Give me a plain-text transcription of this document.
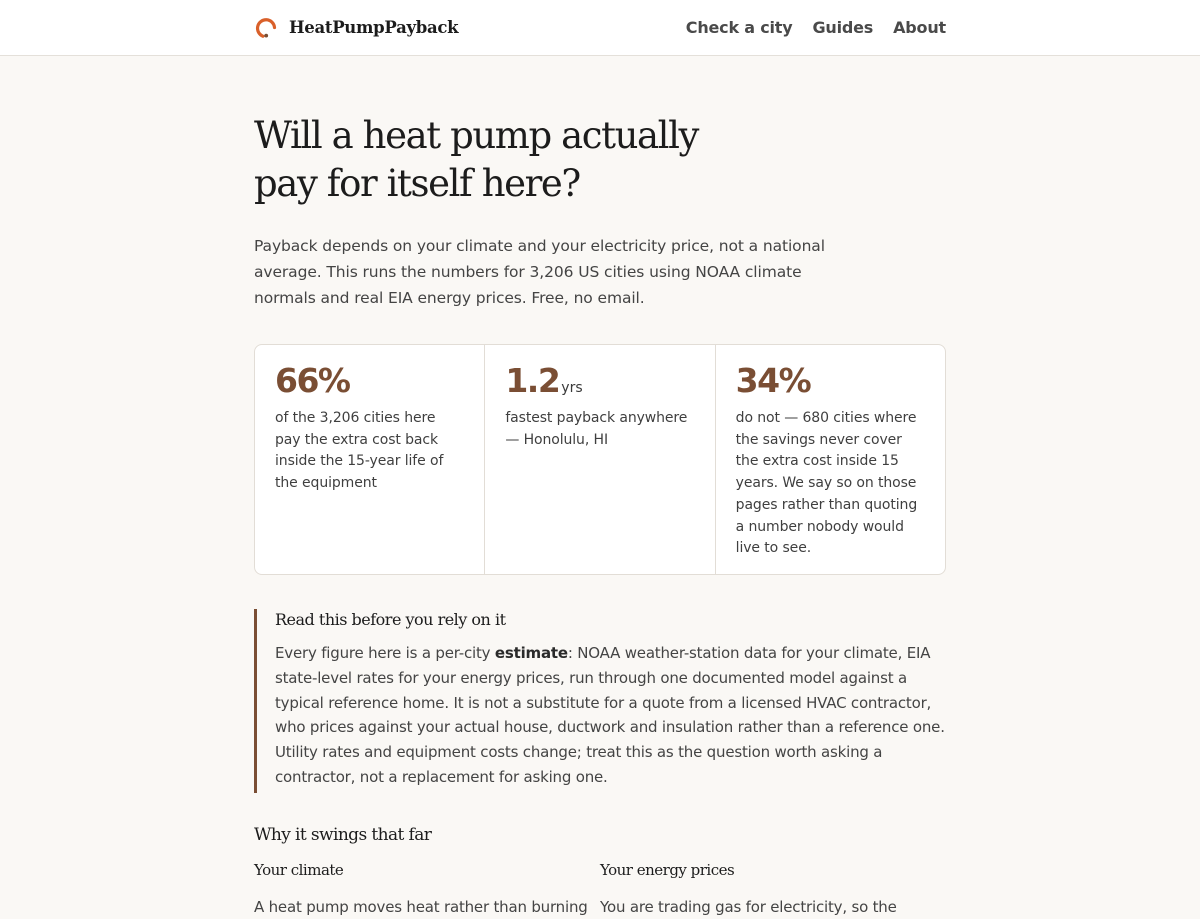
HeatPumpPayback	Check a city Guides About
Will a heat pump actually pay for itself here?

Payback depends on your climate and your electricity price, not a national average. This runs the numbers for 3,206 US cities using NOAA climate normals and real EIA energy prices. Free, no email.

66%
of the 3,206 cities here pay the extra cost back inside the 15-year life of the equipment
1.2 yrs
fastest payback anywhere — Honolulu, HI
34%
do not — 680 cities where the savings never cover the extra cost inside 15 years. We say so on those pages rather than quoting a number nobody would live to see.
Read this before you rely on it

Every figure here is a per-city estimate: NOAA weather-station data for your climate, EIA state-level rates for your energy prices, run through one documented model against a typical reference home. It is not a substitute for a quote from a licensed HVAC contractor, who prices against your actual house, ductwork and insulation rather than a reference one. Utility rates and equipment costs change; treat this as the question worth asking a contractor, not a replacement for asking one.

Why it swings that far
Your climate

A heat pump moves heat rather than burning

Your energy prices

You are trading gas for electricity, so the
